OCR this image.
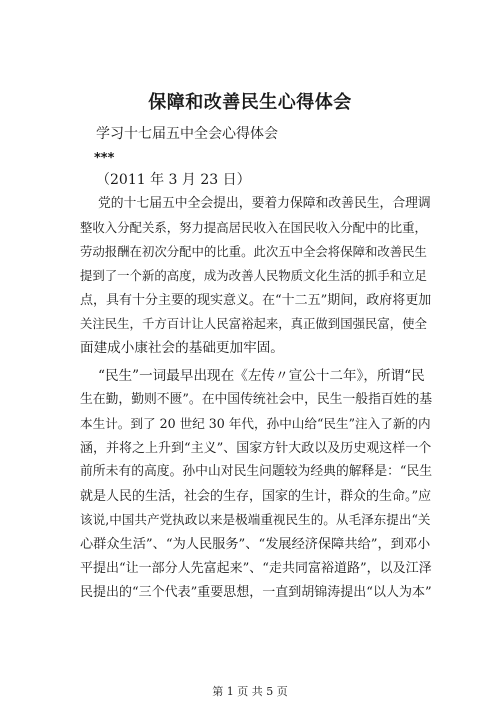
保障和改善民生心得体会
学习十七届五中全会心得体会
***
（2011 年 3 月 23 日）
党的十七届五中全会提出，要着力保障和改善民生，合理调
整收入分配关系，努力提高居民收入在国民收入分配中的比重，
劳动报酬在初次分配中的比重。此次五中全会将保障和改善民生
提到了一个新的高度，成为改善人民物质文化生活的抓手和立足
点，具有十分主要的现实意义。在“十二五”期间，政府将更加
关注民生，千方百计让人民富裕起来，真正做到国强民富，使全
面建成小康社会的基础更加牢固。
“民生”一词最早出现在《左传〃宣公十二年》，所谓“民
生在勤，勤则不匮”。在中国传统社会中，民生一般指百姓的基
本生计。到了 20 世纪 30 年代，孙中山给“民生”注入了新的内
涵，并将之上升到“主义”、国家方针大政以及历史观这样一个
前所未有的高度。孙中山对民生问题较为经典的解释是：“民生
就是人民的生活，社会的生存，国家的生计，群众的生命。”应
该说,中国共产党执政以来是极端重视民生的。从毛泽东提出“关
心群众生活”、“为人民服务”、“发展经济保障共给”，到邓小
平提出“让一部分人先富起来”、“走共同富裕道路”，以及江泽
民提出的“三个代表”重要思想，一直到胡锦涛提出“以人为本”
第 1 页 共 5 页
